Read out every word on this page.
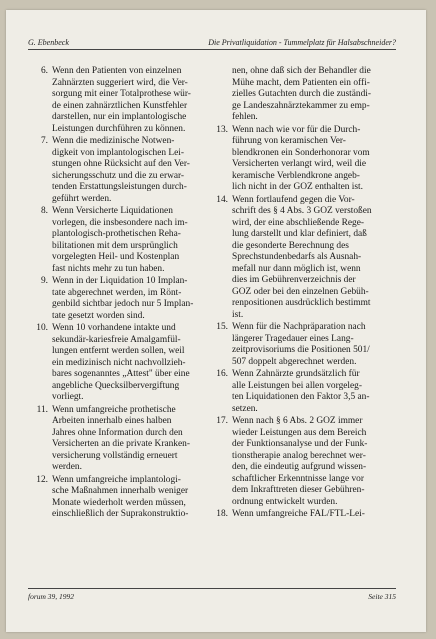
G. Ebenbeck	Die Privatliquidation - Tummelplatz für Halsabschneider?
6. Wenn den Patienten von einzelnen
Zahnärzten suggeriert wird, die Ver-
sorgung mit einer Totalprothese wür-
de einen zahnärztlichen Kunstfehler
darstellen, nur ein implantologische
Leistungen durchführen zu können.
7. Wenn die medizinische Notwen-
digkeit von implantologischen Lei-
stungen ohne Rücksicht auf den Ver-
sicherungsschutz und die zu erwar-
tenden Erstattungsleistungen durch-
geführt werden.
8. Wenn Versicherte Liquidationen
vorlegen, die insbesondere nach im-
plantologisch-prothetischen Reha-
bilitationen mit dem ursprünglich
vorgelegten Heil- und Kostenplan
fast nichts mehr zu tun haben.
9. Wenn in der Liquidation 10 Implan-
tate abgerechnet werden, im Rönt-
genbild sichtbar jedoch nur 5 Implan-
tate gesetzt worden sind.
10. Wenn 10 vorhandene intakte und
sekundär-kariesfreie Amalgamfül-
lungen entfernt werden sollen, weil
ein medizinisch nicht nachvollzieh-
bares sogenanntes „Attest" über eine
angebliche Quecksilbervergiftung
vorliegt.
11. Wenn umfangreiche prothetische
Arbeiten innerhalb eines halben
Jahres ohne Information durch den
Versicherten an die private Kranken-
versicherung vollständig erneuert
werden.
12. Wenn umfangreiche implantologi-
sche Maßnahmen innerhalb weniger
Monate wiederholt werden müssen,
einschließlich der Suprakonstruktio-
nen, ohne daß sich der Behandler die
Mühe macht, dem Patienten ein offi-
zielles Gutachten durch die zuständi-
ge Landeszahnärztekammer zu emp-
fehlen.
13. Wenn nach wie vor für die Durch-
führung von keramischen Ver-
blendkronen ein Sonderhonorar vom
Versicherten verlangt wird, weil die
keramische Verblendkrone angeb-
lich nicht in der GOZ enthalten ist.
14. Wenn fortlaufend gegen die Vor-
schrift des § 4 Abs. 3 GOZ verstoßen
wird, der eine abschließende Rege-
lung darstellt und klar definiert, daß
die gesonderte Berechnung des
Sprechstundenbedarfs als Ausnah-
mefall nur dann möglich ist, wenn
dies im Gebührenverzeichnis der
GOZ oder bei den einzelnen Gebüh-
renpositionen ausdrücklich bestimmt
ist.
15. Wenn für die Nachpräparation nach
längerer Tragedauer eines Lang-
zeitprovisoriums die Positionen 501/
507 doppelt abgerechnet werden.
16. Wenn Zahnärzte grundsätzlich für
alle Leistungen bei allen vorgeleg-
ten Liquidationen den Faktor 3,5 an-
setzen.
17. Wenn nach § 6 Abs. 2 GOZ immer
wieder Leistungen aus dem Bereich
der Funktionsanalyse und der Funk-
tionstherapie analog berechnet wer-
den, die eindeutig aufgrund wissen-
schaftlicher Erkenntnisse lange vor
dem Inkrafttreten dieser Gebühren-
ordnung entwickelt wurden.
18. Wenn umfangreiche FAL/FTL-Lei-
forum 39, 1992	Seite 315
